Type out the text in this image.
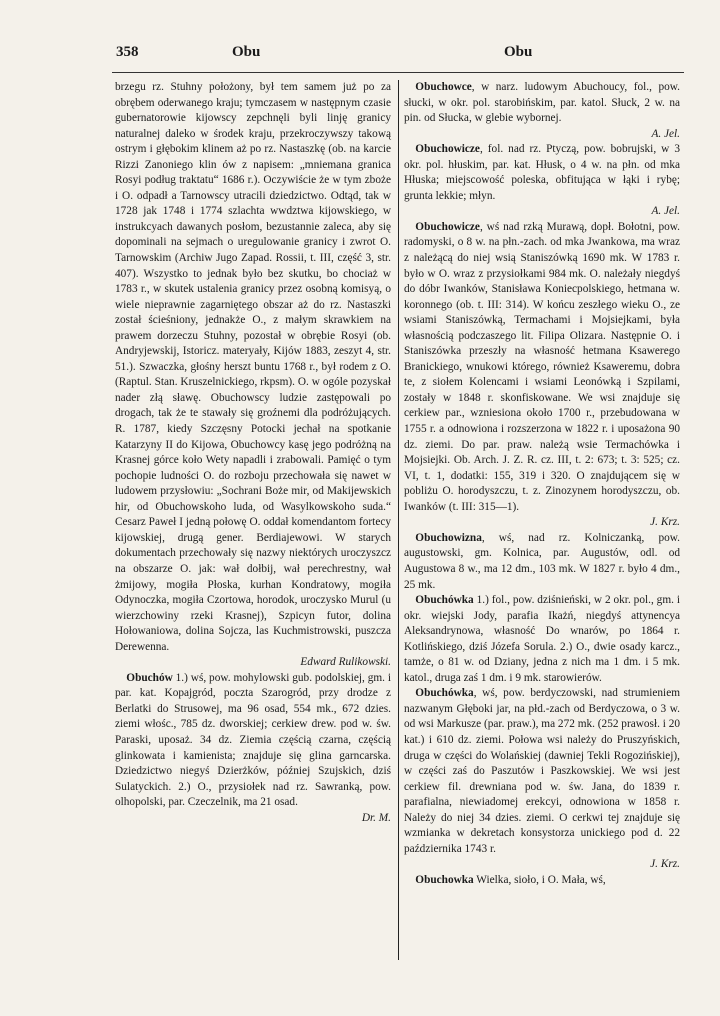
358	Obu	Obu

brzegu rz. Stuhny położony, był tem samem już po za obrębem oderwanego kraju; tymczasem w następnym czasie gubernatorowie kijowscy zepchnęli byli linję granicy naturalnej daleko w środek kraju, przekroczywszy takową ostrym i głębokim klinem aż po rz. Nastaszkę (ob. na karcie Rizzi Zanoniego klin ów z napisem: „mniemana granica Rosyi podług traktatu“ 1686 r.). Oczywiście że w tym zboże i O. odpadł a Tarnowscy utracili dziedzictwo. Odtąd, tak w 1728 jak 1748 i 1774 szlachta wwdztwa kijowskiego, w instrukcyach dawanych posłom, bezustannie zaleca, aby się dopominali na sejmach o uregulowanie granicy i zwrot O. Tarnowskim (Archiw Jugo Zapad. Rossii, t. III, część 3, str. 407). Wszystko to jednak było bez skutku, bo chociaż w 1783 r., w skutek ustalenia granicy przez osobną komisyą, o wiele nieprawnie zagarniętego obszar aż do rz. Nastaszki został ścieśniony, jednakże O., z małym skrawkiem na prawem dorzeczu Stuhny, pozostał w obrębie Rosyi (ob. Andryjewskij, Istoricz. materyały, Kijów 1883, zeszyt 4, str. 51.). Szwaczka, głośny herszt buntu 1768 r., był rodem z O. (Raptul. Stan. Kruszelnickiego, rkpsm). O. w ogóle pozyskał nader złą sławę. Obuchowscy ludzie zastępowali po drogach, tak że te stawały się groźnemi dla podróżujących. R. 1787, kiedy Szczęsny Potocki jechał na spotkanie Katarzyny II do Kijowa, Obuchowcy kasę jego podróżną na Krasnej górce koło Wety napadli i zrabowali. Pamięć o tym pochopie ludności O. do rozboju przechowała się nawet w ludowem przysłowiu: „Sochrani Boże mir, od Makijewskich hir, od Obuchowskoho luda, od Wasylkowskoho suda.“ Cesarz Paweł I jedną połowę O. oddał komendantom fortecy kijowskiej, drugą gener. Berdiajewowi. W starych dokumentach przechowały się nazwy niektórych uroczyszcz na obszarze O. jak: wał dołbij, wał perechrestny, wał żmijowy, mogiła Płoska, kurhan Kondratowy, mogiła Odynoczka, mogiła Czortowa, horodok, uroczysko Murul (u wierzchowiny rzeki Krasnej), Szpicyn futor, dolina Hołowaniowa, dolina Sojcza, las Kuchmistrowski, puszcza Derewenna.

Edward Rulikowski.

 Obuchów 1.) wś, pow. mohylowski gub. podolskiej, gm. i par. kat. Kopajgród, poczta Szarogród, przy drodze z Berlatki do Strusowej, ma 96 osad, 554 mk., 672 dzies. ziemi włośc., 785 dz. dworskiej; cerkiew drew. pod w. św. Paraski, uposaż. 34 dz. Ziemia częścią czarna, częścią glinkowata i kamienista; znajduje się glina garncarska. Dziedzictwo niegyś Dzierżków, później Szujskich, dziś Sulatyckich. 2.) O., przysiołek nad rz. Sawranką, pow. olhopolski, par. Czeczelnik, ma 21 osad.

Dr. M.

 Obuchowce, w narz. ludowym Abuchoucy, fol., pow. słucki, w okr. pol. starobińskim, par. katol. Słuck, 2 w. na pin. od Słucka, w glebie wybornej.

A. Jel.

 Obuchowicze, fol. nad rz. Ptyczą, pow. bobrujski, w 3 okr. pol. hłuskim, par. kat. Hłusk, o 4 w. na płn. od mka Hłuska; miejscowość poleska, obfitująca w łąki i rybę; grunta lekkie; młyn.

A. Jel.

 Obuchowicze, wś nad rzką Murawą, dopł. Bołotni, pow. radomyski, o 8 w. na płn.-zach. od mka Jwankowa, ma wraz z należącą do niej wsią Staniszówką 1690 mk. W 1783 r. było w O. wraz z przysiołkami 984 mk. O. należały niegdyś do dóbr Iwanków, Stanisława Koniecpolskiego, hetmana w. koronnego (ob. t. III: 314). W końcu zeszłego wieku O., ze wsiami Staniszówką, Termachami i Mojsiejkami, była własnością podczaszego lit. Filipa Olizara. Następnie O. i Staniszówka przeszły na własność hetmana Ksawerego Branickiego, wnukowi którego, również Ksaweremu, dobra te, z siołem Kolencami i wsiami Leonówką i Szpilami, zostały w 1848 r. skonfiskowane. We wsi znajduje się cerkiew par., wzniesiona około 1700 r., przebudowana w 1755 r. a odnowiona i rozszerzona w 1822 r. i uposażona 90 dz. ziemi. Do par. praw. należą wsie Termachówka i Mojsiejki. Ob. Arch. J. Z. R. cz. III, t. 2: 673; t. 3: 525; cz. VI, t. 1, dodatki: 155, 319 i 320. O znajdującem się w pobliżu O. horodyszczu, t. z. Zinozynem horodyszczu, ob. Iwanków (t. III: 315—1).

J. Krz.

 Obuchowizna, wś, nad rz. Kolniczanką, pow. augustowski, gm. Kolnica, par. Augustów, odl. od Augustowa 8 w., ma 12 dm., 103 mk. W 1827 r. było 4 dm., 25 mk.

 Obuchówka 1.) fol., pow. dziśnieński, w 2 okr. pol., gm. i okr. wiejski Jody, parafia Ikażń, niegdyś attynencya Aleksandrynowa, własność Do wnarów, po 1864 r. Kotlińskiego, dziś Józefa Sorula. 2.) O., dwie osady karcz., tamże, o 81 w. od Dziany, jedna z nich ma 1 dm. i 5 mk. katol., druga zaś 1 dm. i 9 mk. starowierów.

 Obuchówka, wś, pow. berdyczowski, nad strumieniem nazwanym Głęboki jar, na płd.-zach od Berdyczowa, o 3 w. od wsi Markusze (par. praw.), ma 272 mk. (252 prawosł. i 20 kat.) i 610 dz. ziemi. Połowa wsi należy do Pruszyńskich, druga w części do Wolańskiej (dawniej Tekli Rogozińskiej), w części zaś do Paszutów i Paszkowskiej. We wsi jest cerkiew fil. drewniana pod w. św. Jana, do 1839 r. parafialna, niewiadomej erekcyi, odnowiona w 1858 r. Należy do niej 34 dzies. ziemi. O cerkwi tej znajduje się wzmianka w dekretach konsystorza unickiego pod d. 22 października 1743 r.

J. Krz.

 Obuchowka Wielka, sioło, i O. Mała, wś,
